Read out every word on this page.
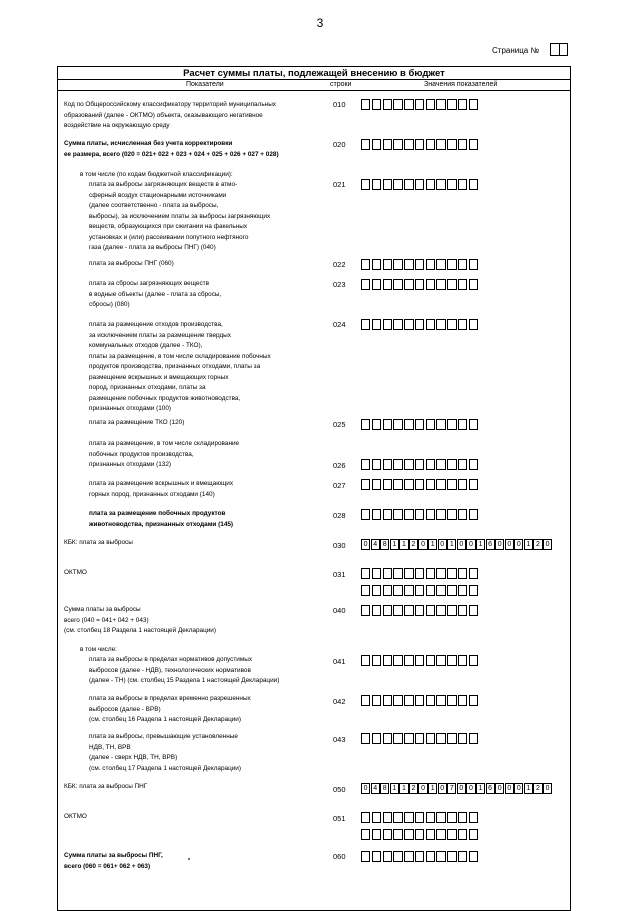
3
Страница №
Расчет суммы платы, подлежащей внесению в бюджет
Показатели	строки	Значения показателей
Код по Общероссийскому классификатору территорий муниципальных
образований (далее - ОКТМО) объекта, оказывающего негативное
воздействие на окружающую среду
010
Сумма платы, исчисленная без учета корректировки
ее размера, всего (020 = 021+ 022 + 023 + 024 + 025 + 026 + 027 + 028)
020
в том числе (по кодам бюджетной классификации):
плата за выбросы загрязняющих веществ в атмо-
сферный воздух стационарными источниками
(далее соответственно - плата за выбросы,
выбросы), за исключением платы за выбросы загрязняющих
веществ, образующихся при сжигании на факельных
установках и (или) рассеивании попутного нефтяного
газа (далее - плата за выбросы ПНГ) (040)
021
плата за выбросы ПНГ (060)	022
плата за сбросы загрязняющих веществ
в водные объекты (далее - плата за сбросы,
сбросы) (080)
023
плата за размещение отходов производства,
за исключением платы за размещение твердых
коммунальных отходов (далее - ТКО),
платы за размещение, в том числе складирование побочных
продуктов производства, признанных отходами, платы за
размещение вскрышных и вмещающих горных
пород, признанных отходами, платы за
размещение побочных продуктов животноводства,
признанных отходами (100)
024
плата за размещение ТКО (120)	025
плата за размещение, в том числе складирование
побочных продуктов производства,
признанных отходами (132)	026
плата за размещение вскрышных и вмещающих
горных пород, признанных отходами (140)
027
плата за размещение побочных продуктов
животноводства, признанных отходами (145)
028
КБК: плата за выбросы	030	0 4 8 1 1 2 0 1 0 1 0 0 1 6 0 0 0 1 2 0
ОКТМО	031
Сумма платы за выбросы
всего (040 = 041+ 042 + 043)
(см. столбец 18 Раздела 1 настоящей Декларации)
040
в том числе:
плата за выбросы в пределах нормативов допустимых
выбросов (далее - НДВ), технологических нормативов
(далее - ТН) (см. столбец 15 Раздела 1 настоящей Декларации)
041
плата за выбросы в пределах временно разрешенных
выбросов (далее - ВРВ)
(см. столбец 16 Раздела 1 настоящей Декларации)
042
плата за выбросы, превышающие установленные
НДВ, ТН, ВРВ
(далее - сверх НДВ, ТН, ВРВ)
(см. столбец 17 Раздела 1 настоящей Декларации)
043
КБК: плата за выбросы ПНГ	050	0 4 8 1 1 2 0 1 0 7 0 0 1 6 0 0 0 1 2 0
ОКТМО	051
Сумма платы за выбросы ПНГ,
всего (060 = 061+ 062 + 063)
060
